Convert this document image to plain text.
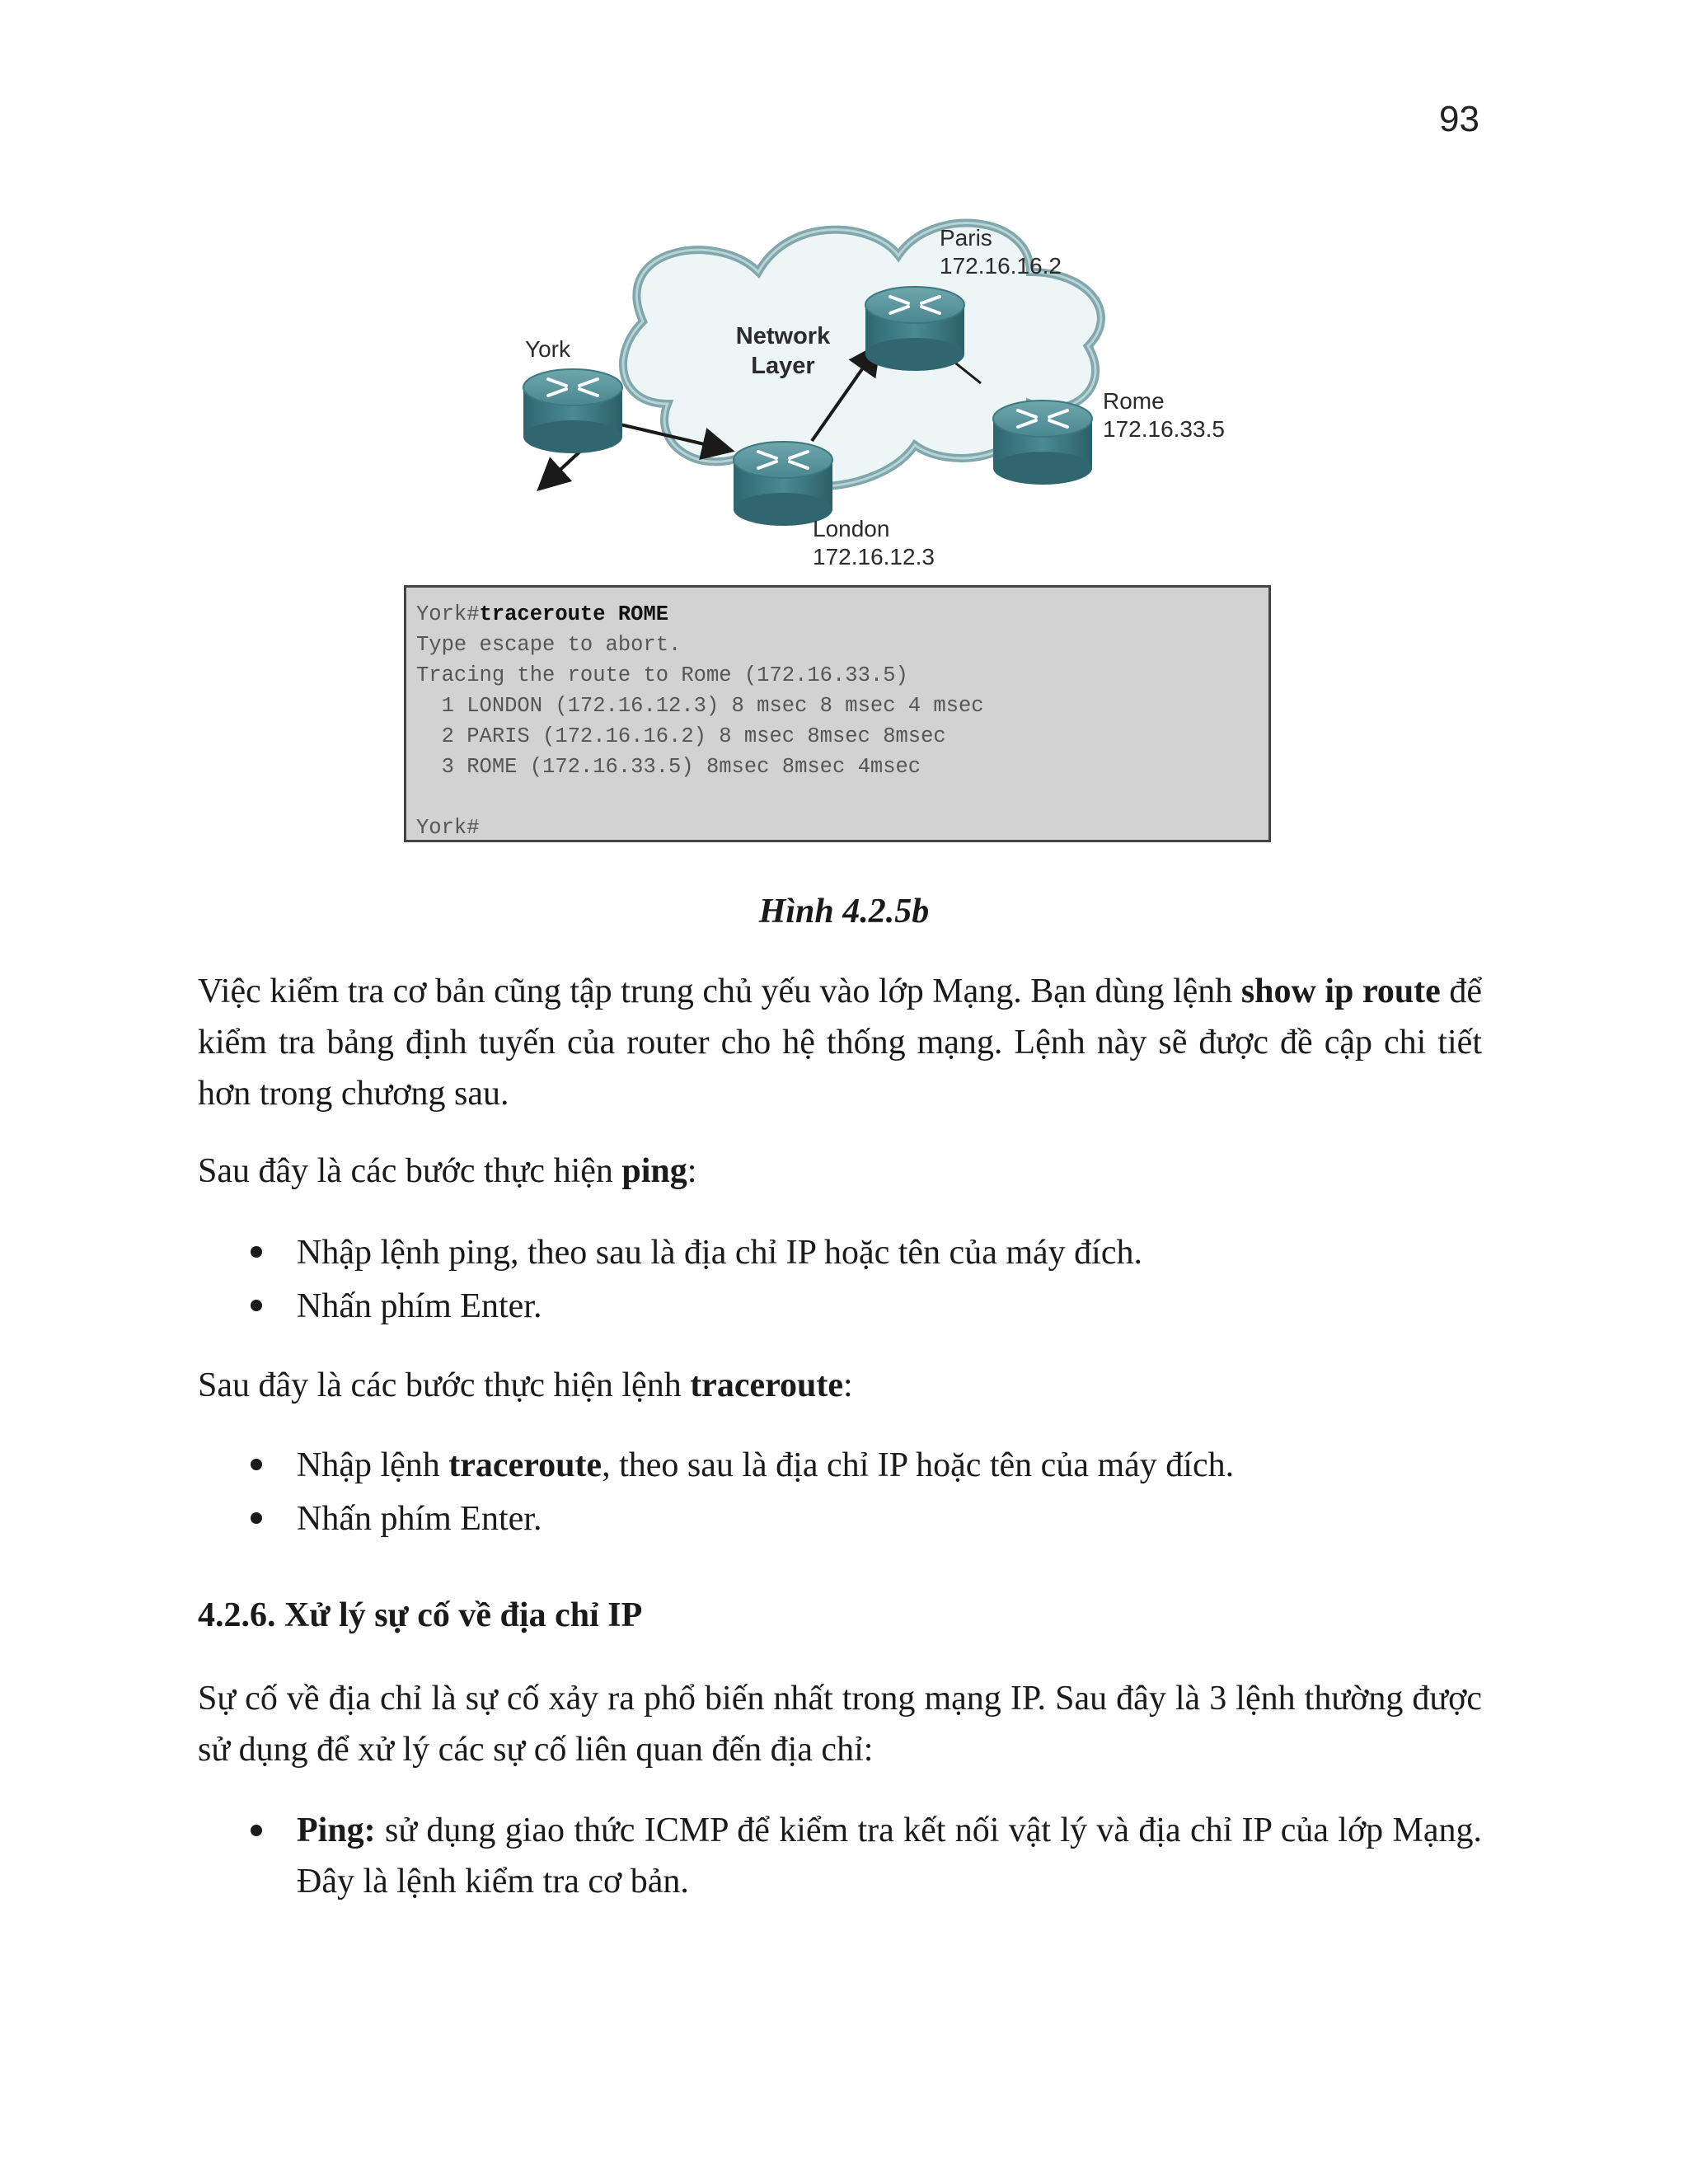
93
Network
Layer
York
Paris
172.16.16.2
Rome
172.16.33.5
London
172.16.12.3
York#traceroute ROME
Type escape to abort.
Tracing the route to Rome (172.16.33.5)
1 LONDON (172.16.12.3) 8 msec 8 msec 4 msec
2 PARIS (172.16.16.2) 8 msec 8msec 8msec
3 ROME (172.16.33.5) 8msec 8msec 4msec
York#
Hình 4.2.5b
Việc kiểm tra cơ bản cũng tập trung chủ yếu vào lớp Mạng. Bạn dùng lệnh show ip route để kiểm tra bảng định tuyến của router cho hệ thống mạng. Lệnh này sẽ được đề cập chi tiết hơn trong chương sau.
Sau đây là các bước thực hiện ping:
Nhập lệnh ping, theo sau là địa chỉ IP hoặc tên của máy đích.
Nhấn phím Enter.
Sau đây là các bước thực hiện lệnh traceroute:
Nhập lệnh traceroute, theo sau là địa chỉ IP hoặc tên của máy đích.
Nhấn phím Enter.
4.2.6. Xử lý sự cố về địa chỉ IP
Sự cố về địa chỉ là sự cố xảy ra phổ biến nhất trong mạng IP. Sau đây là 3 lệnh thường được sử dụng để xử lý các sự cố liên quan đến địa chỉ:
Ping: sử dụng giao thức ICMP để kiểm tra kết nối vật lý và địa chỉ IP của lớp Mạng. Đây là lệnh kiểm tra cơ bản.
